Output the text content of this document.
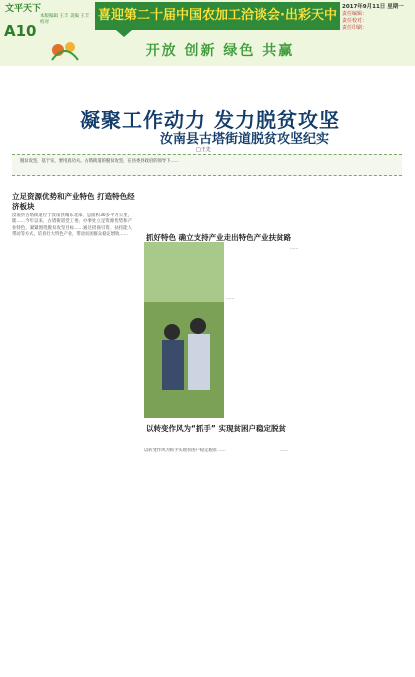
文平天下
A10
本版编辑 王丰 美编 王丰 校对	喜迎第二十届中国农加工洽谈会·出彩天中
开放 创新 绿色 共赢
2017年9月11日 星期一
责任编辑：
责任校对：
责任印刷：
凝聚工作动力 发力脱贫攻坚
汝南县古塔街道脱贫攻坚纪实
□王先
脱贫攻坚，基于实，要用真功夫。古塔街道的脱贫攻坚，在县委县政府的领导下……
立足资源优势和产业特色 打造特色经济板块
汝南县古塔街道位于汝南县城东北部，总面积30多平方公里，辖……今年以来，古塔街道党工委、办事处立足资源优势和产业特色，紧紧围绕脱贫攻坚目标……通过招商引资、扶持能人带动等方式，培育壮大特色产业，带动贫困群众稳定增收……	抓好特色 确立支持产业走出特色产业扶贫路
……
……
以转变作风为“抓手” 实现贫困户稳定脱贫
以转变作风为抓手实现贫困户稳定脱贫……	……
